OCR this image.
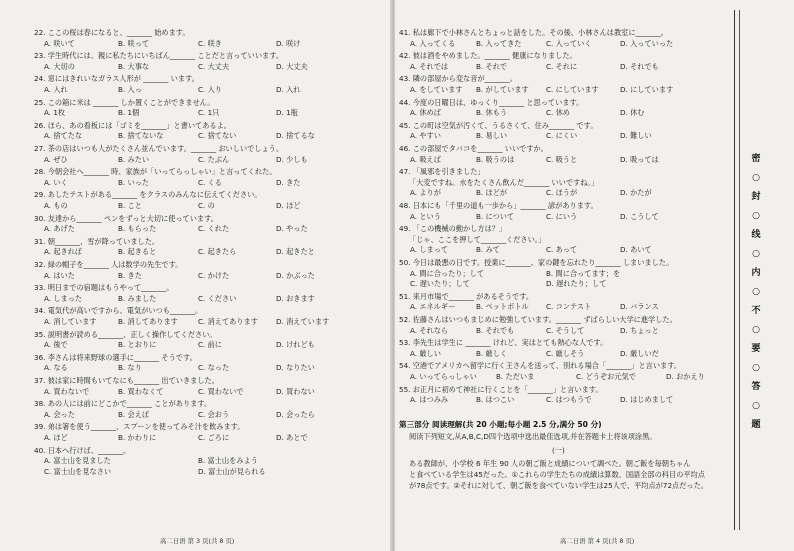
高二日语 第 3 页(共 8 页)	高二日语 第 4 页(共 8 页)
密
○
封
○
线
○
内
○
不
○
要
○
答
○
题
22. ここの桜は春になると、_______ 始めます。
A. 咲いて	B. 咲って	C. 咲き	D. 咲け
23. 学生時代には、親に私たちにいちばん_______ ことだと言っていいます。
A. 大切の	B. 大事な	C. 大丈夫	D. 大丈夫
24. 窓にはきれいなガラス人形が _______ います。
A. 入れ	B. 入っ	C. 入り	D. 入れ
25. この箱に米は _______ しか置くことができません。
A. 1枚	B. 1個	C. 1只	D. 1瓶
26. ほら、あの看板には「ゴミを_______」と書いてあるよ。
A. 捨てたな	B. 捨てないな	C. 捨てない	D. 捨てるな
27. 茶の店はいつも人がたくさん並んでいます。_______ おいしいでしょう。
A. ぜひ	B. みたい	C. たぶん	D. 少しも
28. 今朝会社へ_______ 時、家族が「いってらっしゃい」と言ってくれた。
A. いく	B. いった	C. くる	D. きた
29. あしたテストがある_______ をクラスのみんなに伝えてください。
A. もの	B. こと	C. の	D. ほど
30. 友達から_______ ペンをずっと大切に使っています。
A. あげた	B. もらった	C. くれた	D. やった
31. 朝_______、雪が降っていました。
A. 起きれば	B. 起きると	C. 起きたら	D. 起きたと
32. 緑の帽子を_______ 人は数学の先生です。
A. はいた	B. きた	C. かけた	D. かぶった
33. 明日までの宿題はもうやって_______。
A. しまった	B. みました	C. ください	D. おきます
34. 電気代が高いですから、電気がいつも_______。
A. 消しています	B. 消してあります	C. 消えてあります	D. 消えています
35. 説明書が読める_______、正しく操作してください。
A. 後で	B. とおりに	C. 前に	D. けれども
36. 李さんは将来野球の選手に_______ そうです。
A. なる	B. なり	C. なった	D. なりたい
37. 彼は家に時間もいてなにも_______ 出ていきました。
A. 買わないで	B. 買わなくて	C. 買わないで	D. 買わない
38. あの人には前にどこかで_______ ことがあります。
A. 会った	B. 会えば	C. 会おう	D. 会ったら
39. 弟は箸を使う_______、スプーンを使ってみそ汁を飲みます。
A. ほど	B. かわりに	C. ごろに	D. あとで
40. 日本へ行けば、_______。
A. 富士山を見ました	B. 富士山をみよう
C. 富士山を見なさい	D. 富士山が見られる
41. 私は廊下で小林さんとちょっと話をした。その後、小林さんは教室に_______。
A. 入ってくる	B. 入ってきた	C. 入っていく	D. 入っていった
42. 彼は酒をやめました。_______ 健康になりました。
A. それでは	B. それで	C. それに	D. それでも
43. 隣の部屋から変な音が_______。
A. をしています B. がしています C. にしています	D. にしています
44. 今度の日曜日は、ゆっくり_______ と思っています。
A. 休めば	B. 休もう	C. 休め	D. 休む
45. この町は空気が汚くて、うるさくて、住み_______ です。
A. やすい	B. 易しい	C. にくい	D. 難しい
46. この部屋でタバコを_______ いいですか。
A. 吸えば	B. 吸うのは	C. 吸うと	D. 吸っては
47. 「風邪を引きました」
「大変ですね。水をたくさん飲んだ_______ いいですね。」
A. よりが	B. ほどが	C. ほうが	D. かたが
48. 日本にも「千里の道も一歩から」_______ 諺があります。
A. という	B. について	C. にいう	D. こうして
49. 「この機械の動かし方は？」
「じゃ、ここを押して_______ください。」
A. しまって	B. みて	C. あって	D. あいて
50. 今日は最悪の日です。授業に_______、家の鍵を忘れたり_______ しまいました。
A. 間に合ったり；して	B. 間に合ってます；を
C. 遅いたり；して	D. 遅れたり；して
51. 来月市場で_______ があるそうです。
A. エネルギー	B. ペットボトル C. コンテスト	D. バランス
52. 佐藤さんはいつもまじめに勉強しています。_______ ずばらしい大学に進学した。
A. それなら	B. それでも	C. そうして	D. ちょっと
53. 李先生は学生に _______ けれど、実はとても熱心な人です。
A. 厳しい	B. 厳しく	C. 厳しそう	D. 厳しいだ
54. 空港でアメリカへ留学に行く王さんを送って、別れる場合「_______」と言います。
A. いってらっしゃい	B. ただいま	C. どうぞお元気で	D. おかえり
55. お正月に初めて神社に行くことを「_______」と言います。
A. はつみみ	B. はつこい	C. はつもうで	D. はじめまして
第三部分 阅读理解(共 20 小题;每小题 2.5 分,满分 50 分)
阅读下列短文,从A,B,C,D四个选项中选出最佳选项,并在答题卡上将该项涂黑。
(一)
ある教師が、小学校 6 年生 90 人の朝ご飯と成績について調べた。朝ご飯を毎朝ちゃん
と食べている学生は45だった。①これらの学生たちの成績は算数、国語全部の科目の平均点
が78点です。②それに対して、朝ご飯を食べていない学生は25人で、平均点が72点だった。
